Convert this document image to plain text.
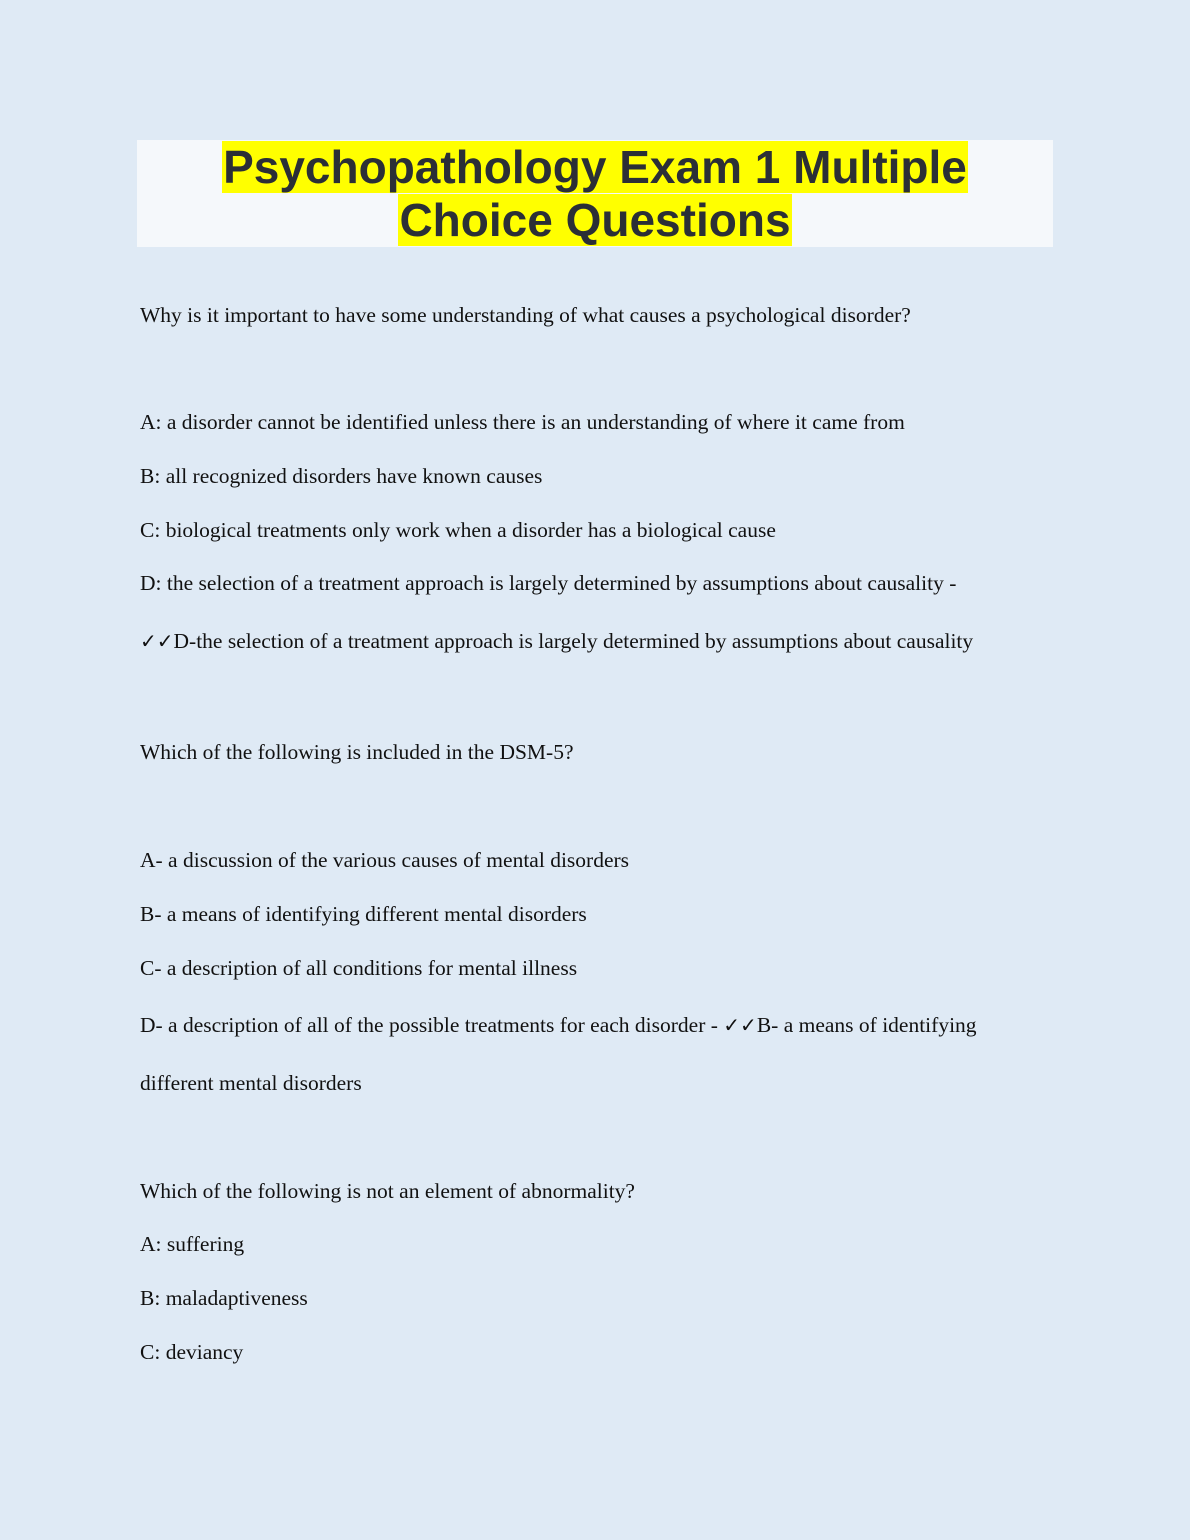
Psychopathology Exam 1 Multiple
Choice Questions
Why is it important to have some understanding of what causes a psychological disorder?
A: a disorder cannot be identified unless there is an understanding of where it came from
B: all recognized disorders have known causes
C: biological treatments only work when a disorder has a biological cause
D: the selection of a treatment approach is largely determined by assumptions about causality -
✓✓D-the selection of a treatment approach is largely determined by assumptions about causality
Which of the following is included in the DSM-5?
A- a discussion of the various causes of mental disorders
B- a means of identifying different mental disorders
C- a description of all conditions for mental illness
D- a description of all of the possible treatments for each disorder - ✓✓B- a means of identifying
different mental disorders
Which of the following is not an element of abnormality?
A: suffering
B: maladaptiveness
C: deviancy
